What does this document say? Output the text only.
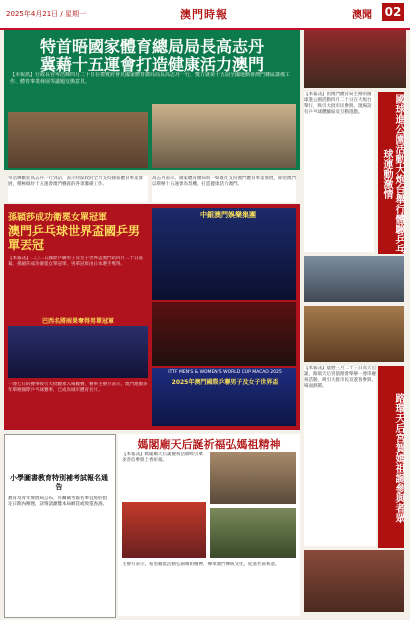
2025年4月21日 / 星期一	澳門時報	澳聞 02
特首晤國家體育總局局長高志丹
冀藉十五運會打造健康活力澳門
【本報訊】行政長官岑浩輝四月二十日在禮賓府會見國家體育總局局長高志丹一行，雙方就第十五屆全國運動會澳門賽區籌備工作、體育事業發展等議題交換意見。
岑浩輝歡迎高志丹一行到訪，表示特區政府全力支持國家體育事業發展，積極做好十五運會澳門賽區的各項籌備工作。
高志丹表示，國家體育總局將一如既往支持澳門體育事業發展，期望澳門以舉辦十五運會為契機，打造健康活力澳門。
【本報訊】由澳門體育局主辦的國球進公園活動四月二十日在大炮台舉行，吸引大批市民參與，現場設有乒乓球體驗區及互動遊戲。	國球進公園活動大炮台舉行體驗乒乓球運動激情
孫穎莎成功衛冕女單冠軍
澳門乒乓球世界盃國乒男單丟冠
【本報訊】二〇二五國際乒聯男子及女子世界盃澳門站四月二十日落幕，孫穎莎成功衛冕女單冠軍，男單冠軍由日本選手奪得。
巴西名將雨果奪得男單冠軍
一連七日的賽事吸引大批觀眾入場觀賽，賽事主辦方表示，澳門連續多年舉辦國際乒乓球賽事，已成為城市體育名片。
中銀澳門娛樂集團
ITTF MEN'S & WOMEN'S WORLD CUP MACAO 2025
2025年澳門國際乒聯男子及女子世界盃
【本報訊】農曆三月二十三日為天后誕，路環天后宮值理會舉辦一連串慶祝活動，吸引大批市民及遊客參與，場面熱鬧。
路環天后宮賀媽祖誕參與者眾
小學圖書教育特別補考試報名通告
教育及青年發展局公布，有關補考報名事宜將於指定日期內辦理，詳情請瀏覽本局網頁或致電查詢。
媽閣廟天后誕祈福弘媽祖精神
【本報訊】媽閣廟天后誕慶祝活動吸引眾多善信參與上香祈福。
主辦方表示，希望藉此活動弘揚媽祖精神，傳承澳門傳統文化，促進社區和諧。
